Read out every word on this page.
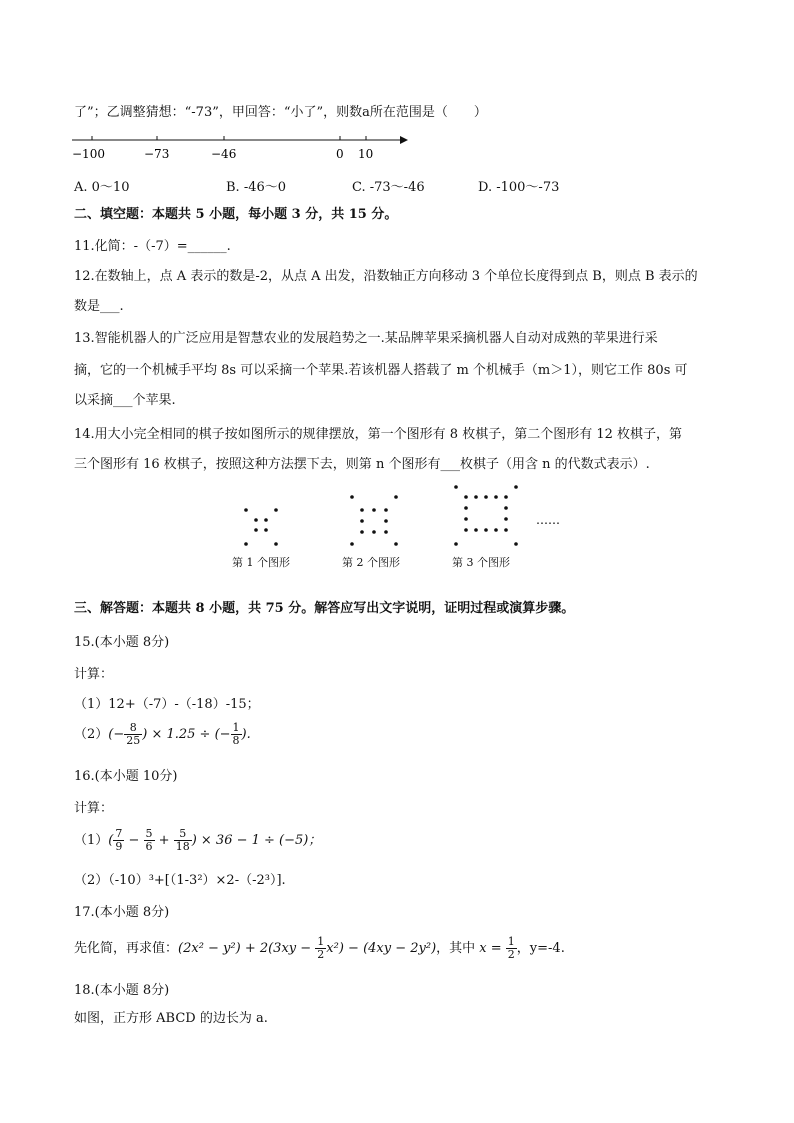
了”；乙调整猜想：“-73”，甲回答：“小了”，则数a所在范围是（　　）
−100	−73	−46	0 10
A. 0～10	B. -46～0	C. -73～-46	D. -100～-73
二、填空题：本题共 5 小题，每小题 3 分，共 15 分。
11.化简：-（-7）=______.
12.在数轴上，点 A 表示的数是-2，从点 A 出发，沿数轴正方向移动 3 个单位长度得到点 B，则点 B 表示的
数是___.
13.智能机器人的广泛应用是智慧农业的发展趋势之一.某品牌苹果采摘机器人自动对成熟的苹果进行采
摘，它的一个机械手平均 8s 可以采摘一个苹果.若该机器人搭载了 m 个机械手（m＞1），则它工作 80s 可
以采摘___个苹果.
14.用大小完全相同的棋子按如图所示的规律摆放，第一个图形有 8 枚棋子，第二个图形有 12 枚棋子，第
三个图形有 16 枚棋子，按照这种方法摆下去，则第 n 个图形有___枚棋子（用含 n 的代数式表示）.
……
第 1 个图形	第 2 个图形	第 3 个图形
三、解答题：本题共 8 小题，共 75 分。解答应写出文字说明，证明过程或演算步骤。
15.(本小题 8分)
计算：
（1）12+（-7）-（-18）-15；
$(2)(- \frac{8}{25}$ ) × 1.25 ÷ (− $\frac{1}{8}$ ).
16.(本小题 10分)
计算：
$(1)( \frac{7}{9} - \frac{5}{6} + \frac{5}{18}$ ) × 36 − 1 ÷ (−5)；
（2）（-10）³+[（1-3²）×2-（-2³）].
17.(本小题 8分)
先化简，再求值：$(2x^2 - y^2) + 2(3xy - \frac{1}{2} x^2) - (4xy - 2y^2)$，其中 $x = \frac{1}{2}$ ，y=-4.
18.(本小题 8分)
如图，正方形 ABCD 的边长为 a.
